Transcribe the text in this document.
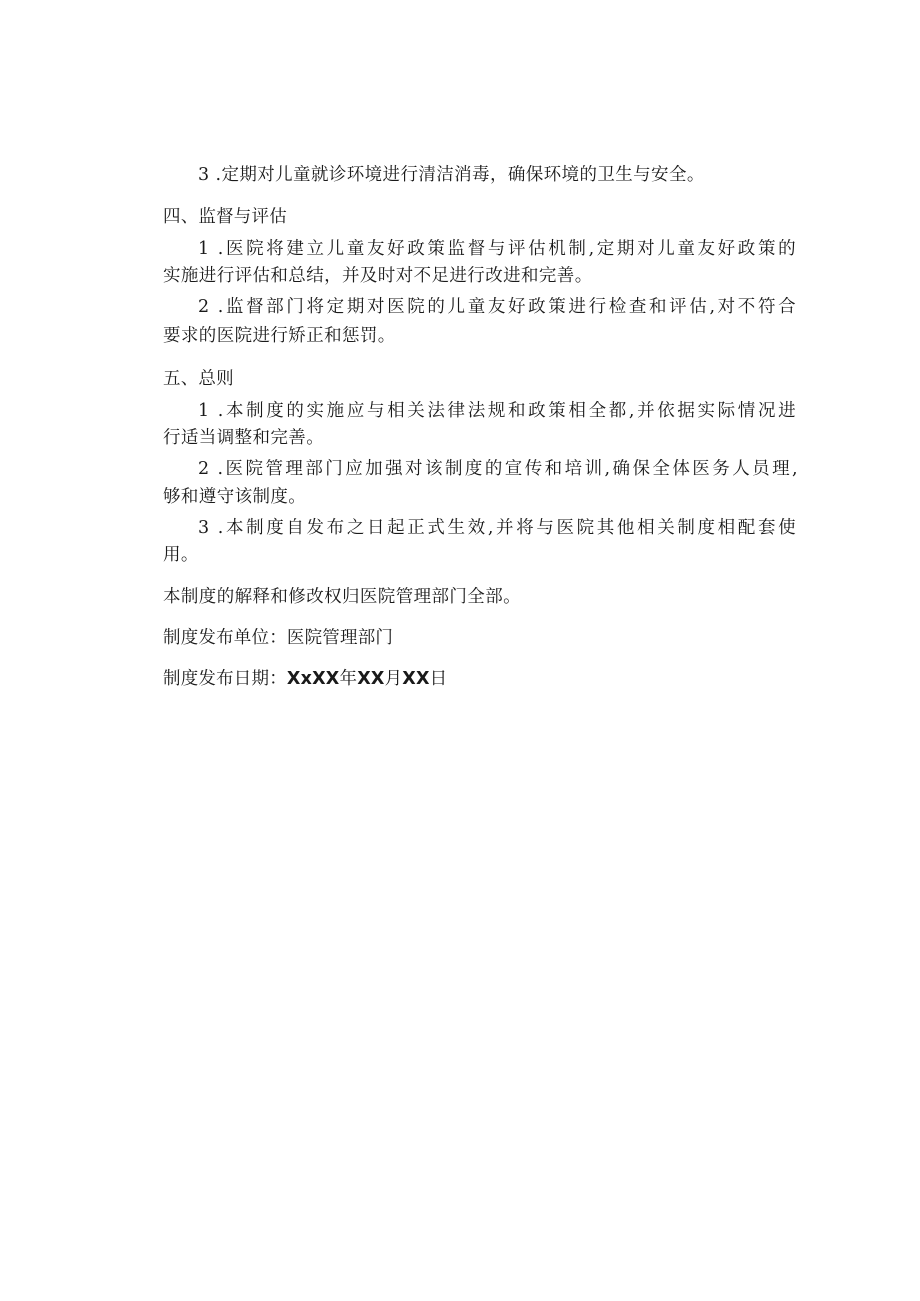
3 .定期对儿童就诊环境进行清洁消毒，确保环境的卫生与安全。
四、监督与评估
1 .医院将建立儿童友好政策监督与评估机制,定期对儿童友好政策的
实施进行评估和总结，并及时对不足进行改进和完善。
2 .监督部门将定期对医院的儿童友好政策进行检查和评估,对不符合
要求的医院进行矫正和惩罚。
五、总则
1 .本制度的实施应与相关法律法规和政策相全都,并依据实际情况进
行适当调整和完善。
2 .医院管理部门应加强对该制度的宣传和培训,确保全体医务人员理,
够和遵守该制度。
3 .本制度自发布之日起正式生效,并将与医院其他相关制度相配套使
用。
本制度的解释和修改权归医院管理部门全部。
制度发布单位：医院管理部门
制度发布日期：XxXX年XX月XX日
